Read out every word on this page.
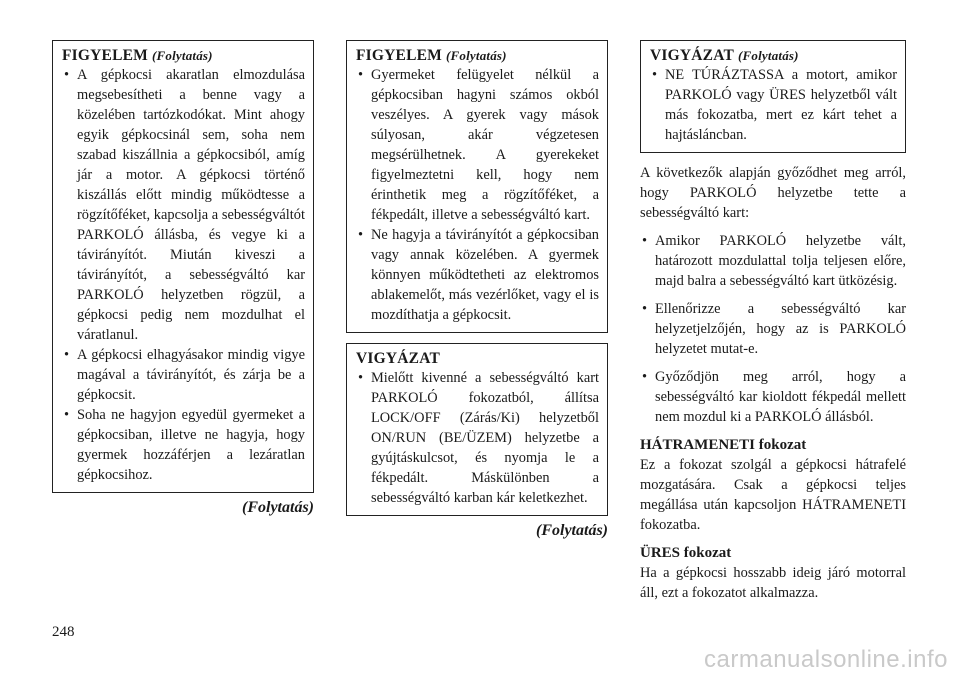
FIGYELEM (Folytatás)
• A gépkocsi akaratlan elmozdulása megsebesítheti a benne vagy a közelében tartózkodókat. Mint ahogy egyik gépkocsinál sem, soha nem szabad kiszállnia a gépkocsiból, amíg jár a motor. A gépkocsi történő kiszállás előtt mindig működtesse a rögzítőféket, kapcsolja a sebességváltót PARKOLÓ állásba, és vegye ki a távirányítót. Miután kiveszi a távirányítót, a sebességváltó kar PARKOLÓ helyzetben rögzül, a gépkocsi pedig nem mozdulhat el váratlanul.
• A gépkocsi elhagyásakor mindig vigye magával a távirányítót, és zárja be a gépkocsit.
• Soha ne hagyjon egyedül gyermeket a gépkocsiban, illetve ne hagyja, hogy gyermek hozzáférjen a lezáratlan gépkocsihoz.
(Folytatás)
FIGYELEM (Folytatás)
• Gyermeket felügyelet nélkül a gépkocsiban hagyni számos okból veszélyes. A gyerek vagy mások súlyosan, akár végzetesen megsérülhetnek. A gyerekeket figyelmeztetni kell, hogy nem érinthetik meg a rögzítőféket, a fékpedált, illetve a sebességváltó kart.
• Ne hagyja a távirányítót a gépkocsiban vagy annak közelében. A gyermek könnyen működtetheti az elektromos ablakemelőt, más vezérlőket, vagy el is mozdíthatja a gépkocsit.
VIGYÁZAT
• Mielőtt kivenné a sebességváltó kart PARKOLÓ fokozatból, állítsa LOCK/OFF (Zárás/Ki) helyzetből ON/RUN (BE/ÜZEM) helyzetbe a gyújtáskulcsot, és nyomja le a fékpedált. Máskülönben a sebességváltó karban kár keletkezhet.
(Folytatás)
VIGYÁZAT (Folytatás)
• NE TÚRÁZTASSA a motort, amikor PARKOLÓ vagy ÜRES helyzetből vált más fokozatba, mert ez kárt tehet a hajtásláncban.

A következők alapján győződhet meg arról, hogy PARKOLÓ helyzetbe tette a sebességváltó kart:

• Amikor PARKOLÓ helyzetbe vált, határozott mozdulattal tolja teljesen előre, majd balra a sebességváltó kart ütközésig.
• Ellenőrizze a sebességváltó kar helyzetjelzőjén, hogy az is PARKOLÓ helyzetet mutat-e.
• Győződjön meg arról, hogy a sebességváltó kar kioldott fékpedál mellett nem mozdul ki a PARKOLÓ állásból.
HÁTRAMENETI fokozat

Ez a fokozat szolgál a gépkocsi hátrafelé mozgatására. Csak a gépkocsi teljes megállása után kapcsoljon HÁTRAMENETI fokozatba.

ÜRES fokozat

Ha a gépkocsi hosszabb ideig járó motorral áll, ezt a fokozatot alkalmazza.

248
carmanualsonline.info
